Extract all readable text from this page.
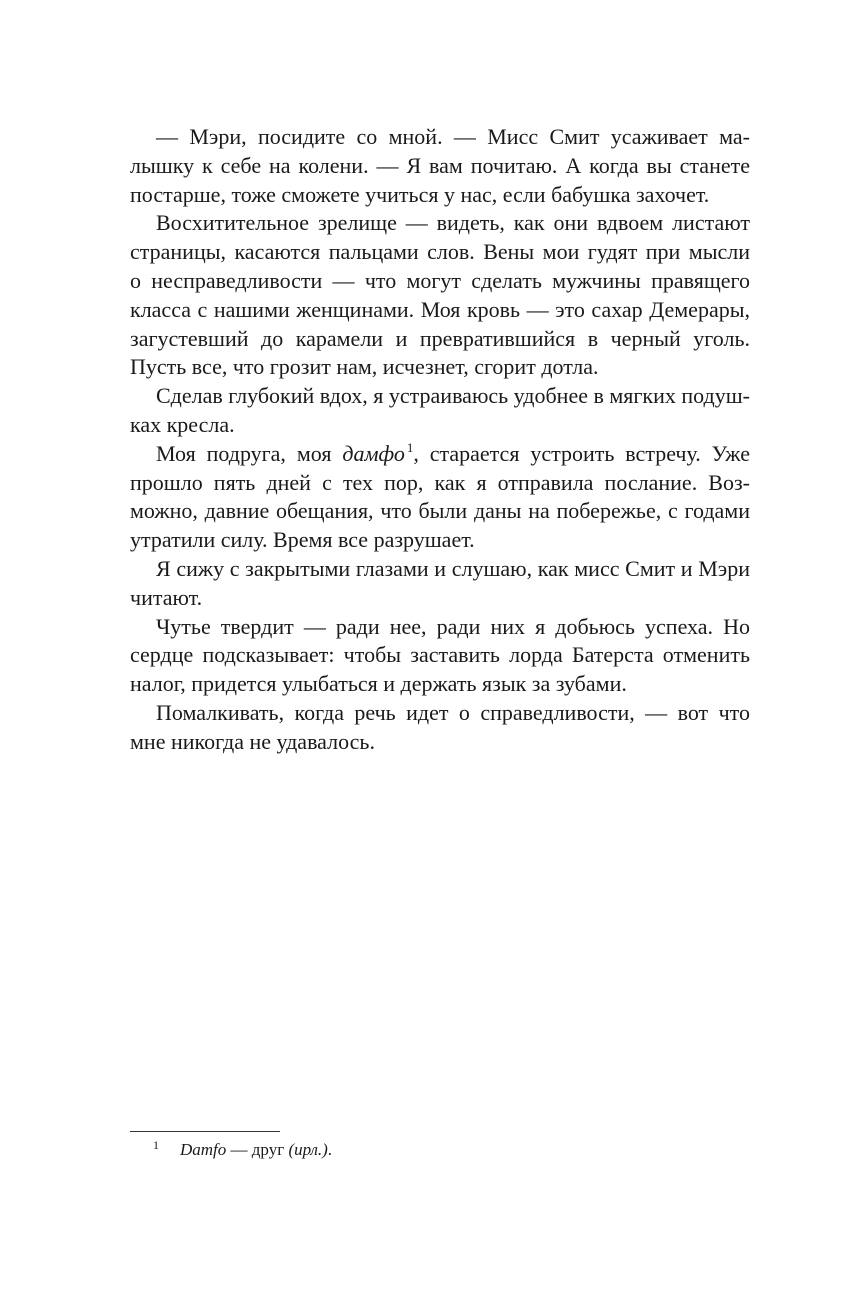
— Мэри, посидите со мной. — Мисс Смит усаживает ма-
лышку к себе на колени. — Я вам почитаю. А когда вы станете
постарше, тоже сможете учиться у нас, если бабушка захочет.
Восхитительное зрелище — видеть, как они вдвоем листают
страницы, касаются пальцами слов. Вены мои гудят при мысли
о несправедливости — что могут сделать мужчины правящего
класса с нашими женщинами. Моя кровь — это сахар Демерары,
загустевший до карамели и превратившийся в черный уголь.
Пусть все, что грозит нам, исчезнет, сгорит дотла.
Сделав глубокий вдох, я устраиваюсь удобнее в мягких подуш-
ках кресла.
Моя подруга, моя дамфо $^1$, старается устроить встречу. Уже
прошло пять дней с тех пор, как я отправила послание. Воз-
можно, давние обещания, что были даны на побережье, с годами
утратили силу. Время все разрушает.
Я сижу с закрытыми глазами и слушаю, как мисс Смит и Мэри
читают.
Чутье твердит — ради нее, ради них я добьюсь успеха. Но
сердце подсказывает: чтобы заставить лорда Батерста отменить
налог, придется улыбаться и держать язык за зубами.
Помалкивать, когда речь идет о справедливости, — вот что
мне никогда не удавалось.
1 Damfo — друг (ирл.).
